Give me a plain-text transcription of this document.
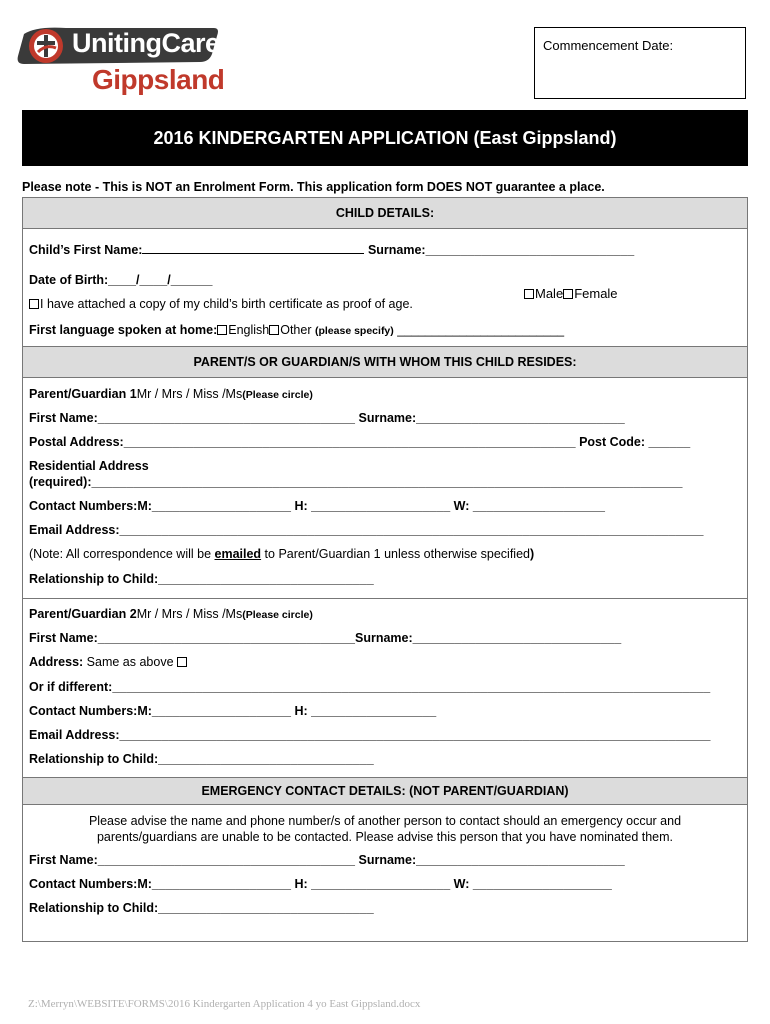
UnitingCare
Gippsland
Commencement Date:
2016 KINDERGARTEN APPLICATION (East Gippsland)
Please note - This is NOT an Enrolment Form. This application form DOES NOT guarantee a place.
CHILD DETAILS:
Child’s First Name:	Surname:______________________________
Date of Birth:____/____/______
Male Female
I have attached a copy of my child’s birth certificate as proof of age.
First language spoken at home: English Other (please specify) ________________________
PARENT/S OR GUARDIAN/S WITH WHOM THIS CHILD RESIDES:
Parent/Guardian 1Mr / Mrs / Miss /Ms(Please circle)
First Name:_____________________________________ Surname:______________________________
Postal Address:_________________________________________________________________ Post Code: ______
Residential Address
(required):_____________________________________________________________________________________
Contact Numbers:M:____________________ H: ____________________ W: ___________________
Email Address:____________________________________________________________________________________
(Note: All correspondence will be emailed to Parent/Guardian 1 unless otherwise specified)
Relationship to Child:_______________________________
Parent/Guardian 2Mr / Mrs / Miss /Ms(Please circle)
First Name:_____________________________________Surname:______________________________
Address: Same as above
Or if different:______________________________________________________________________________________
Contact Numbers:M:____________________ H: __________________
Email Address:_____________________________________________________________________________________
Relationship to Child:_______________________________
EMERGENCY CONTACT DETAILS: (NOT PARENT/GUARDIAN)
Please advise the name and phone number/s of another person to contact should an emergency occur and
parents/guardians are unable to be contacted. Please advise this person that you have nominated them.
First Name:_____________________________________ Surname:______________________________
Contact Numbers:M:____________________ H: ____________________ W: ____________________
Relationship to Child:_______________________________
Z:\Merryn\WEBSITE\FORMS\2016 Kindergarten Application 4 yo East Gippsland.docx
